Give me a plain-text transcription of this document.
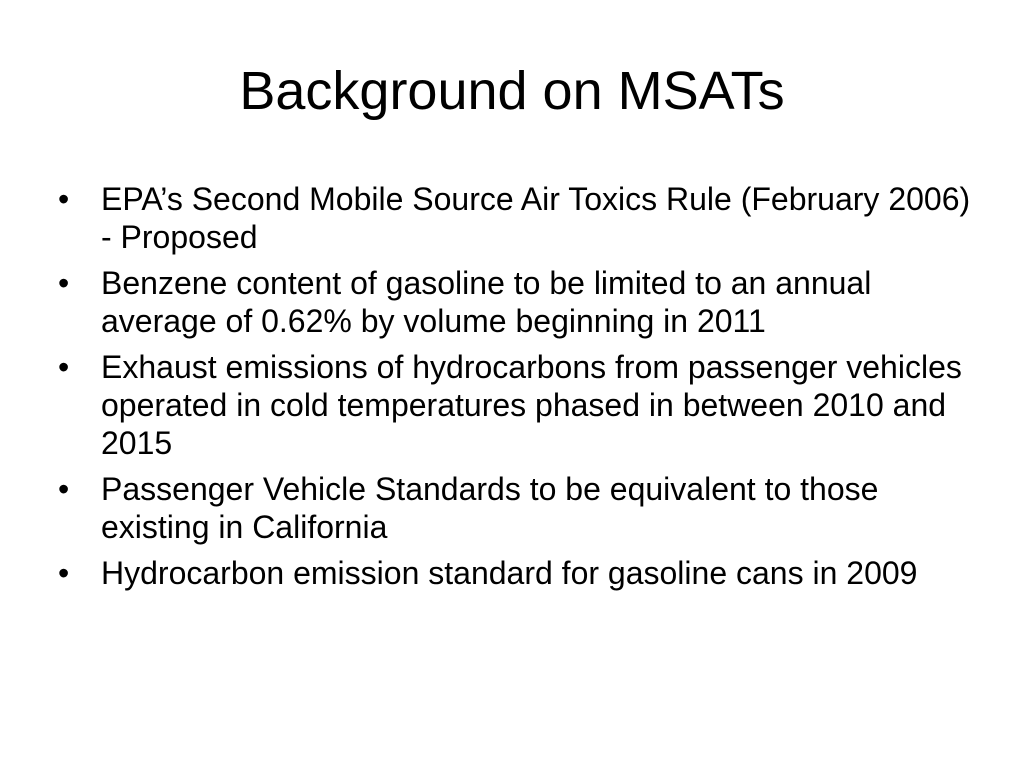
Background on MSATs
• EPA’s Second Mobile Source Air Toxics Rule (February 2006) - Proposed
• Benzene content of gasoline to be limited to an annual average of 0.62% by volume beginning in 2011
• Exhaust emissions of hydrocarbons from passenger vehicles operated in cold temperatures phased in between 2010 and 2015
• Passenger Vehicle Standards to be equivalent to those existing in California
• Hydrocarbon emission standard for gasoline cans in 2009
